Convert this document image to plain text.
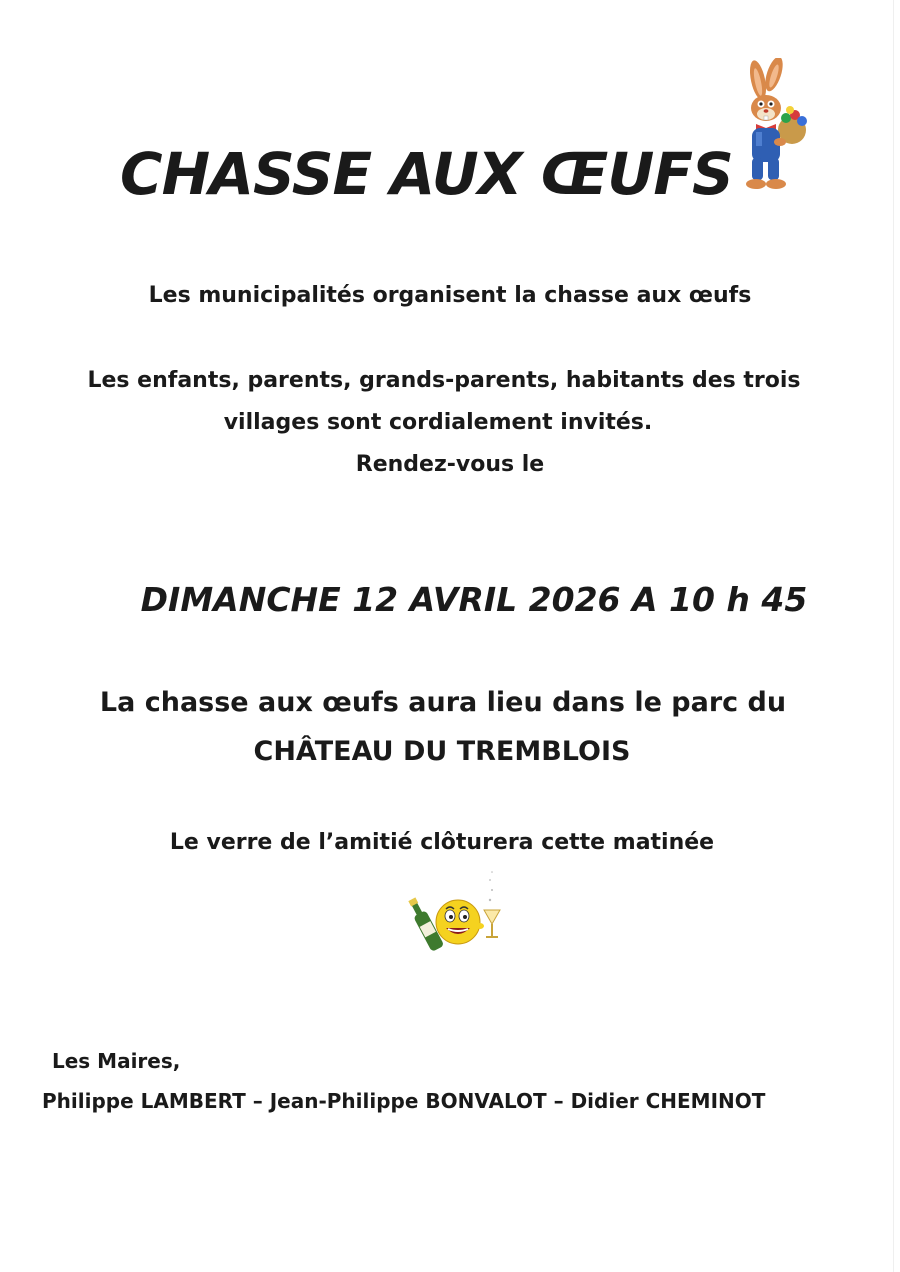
CHASSE AUX ŒUFS

Les municipalités organisent la chasse aux œufs

Les enfants, parents, grands-parents, habitants des trois

villages sont cordialement invités.

Rendez-vous le

DIMANCHE 12 AVRIL 2026 A 10 h 45

La chasse aux œufs aura lieu dans le parc du

CHÂTEAU DU TREMBLOIS

Le verre de l’amitié clôturera cette matinée

Les Maires,

Philippe LAMBERT – Jean-Philippe BONVALOT – Didier CHEMINOT
